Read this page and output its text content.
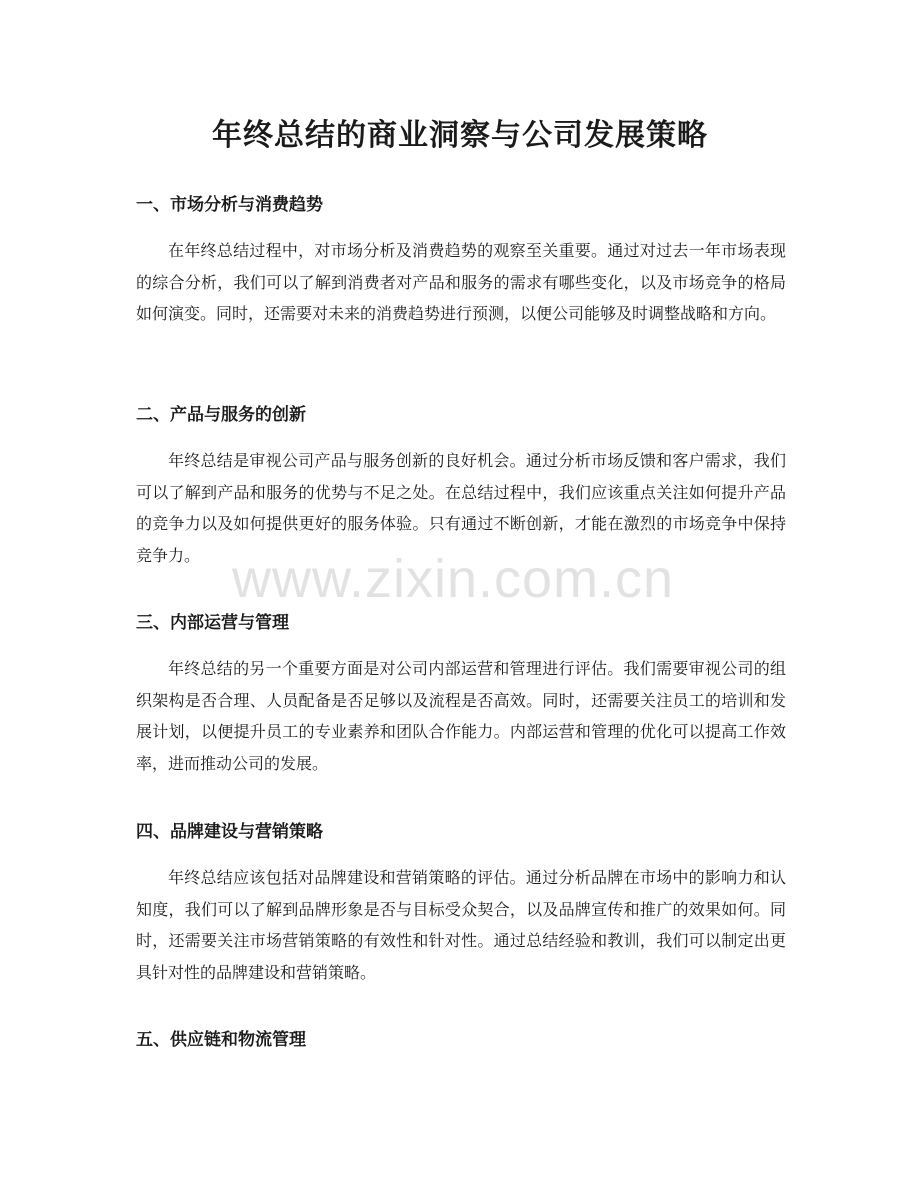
年终总结的商业洞察与公司发展策略
一、市场分析与消费趋势

在年终总结过程中，对市场分析及消费趋势的观察至关重要。通过对过去一年市场表现的综合分析，我们可以了解到消费者对产品和服务的需求有哪些变化，以及市场竞争的格局如何演变。同时，还需要对未来的消费趋势进行预测，以便公司能够及时调整战略和方向。

二、产品与服务的创新

年终总结是审视公司产品与服务创新的良好机会。通过分析市场反馈和客户需求，我们可以了解到产品和服务的优势与不足之处。在总结过程中，我们应该重点关注如何提升产品的竞争力以及如何提供更好的服务体验。只有通过不断创新，才能在激烈的市场竞争中保持竞争力。

三、内部运营与管理

年终总结的另一个重要方面是对公司内部运营和管理进行评估。我们需要审视公司的组织架构是否合理、人员配备是否足够以及流程是否高效。同时，还需要关注员工的培训和发展计划，以便提升员工的专业素养和团队合作能力。内部运营和管理的优化可以提高工作效率，进而推动公司的发展。

四、品牌建设与营销策略

年终总结应该包括对品牌建设和营销策略的评估。通过分析品牌在市场中的影响力和认知度，我们可以了解到品牌形象是否与目标受众契合，以及品牌宣传和推广的效果如何。同时，还需要关注市场营销策略的有效性和针对性。通过总结经验和教训，我们可以制定出更具针对性的品牌建设和营销策略。

五、供应链和物流管理
www.zixin.com.cn
